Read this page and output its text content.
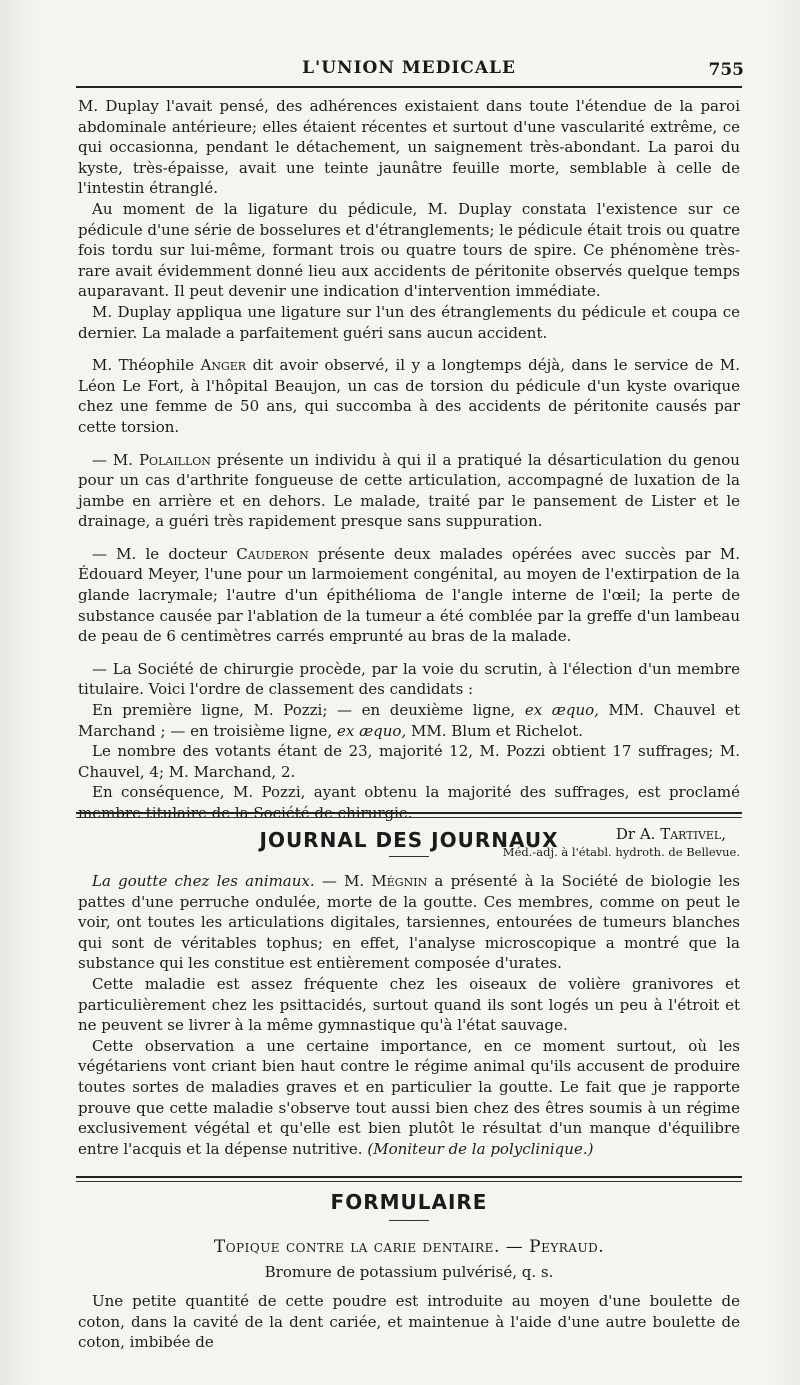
L'UNION MEDICALE	755

M. Duplay l'avait pensé, des adhérences existaient dans toute l'étendue de la paroi abdominale antérieure; elles étaient récentes et surtout d'une vascularité extrême, ce qui occasionna, pendant le détachement, un saignement très-abondant. La paroi du kyste, très-épaisse, avait une teinte jaunâtre feuille morte, semblable à celle de l'intestin étranglé.

Au moment de la ligature du pédicule, M. Duplay constata l'existence sur ce pédicule d'une série de bosselures et d'étranglements; le pédicule était trois ou quatre fois tordu sur lui-même, formant trois ou quatre tours de spire. Ce phénomène très-rare avait évidemment donné lieu aux accidents de péritonite observés quelque temps auparavant. Il peut devenir une indication d'intervention immédiate.

M. Duplay appliqua une ligature sur l'un des étranglements du pédicule et coupa ce dernier. La malade a parfaitement guéri sans aucun accident.

M. Théophile Anger dit avoir observé, il y a longtemps déjà, dans le service de M. Léon Le Fort, à l'hôpital Beaujon, un cas de torsion du pédicule d'un kyste ovarique chez une femme de 50 ans, qui succomba à des accidents de péritonite causés par cette torsion.

— M. Polaillon présente un individu à qui il a pratiqué la désarticulation du genou pour un cas d'arthrite fongueuse de cette articulation, accompagné de luxation de la jambe en arrière et en dehors. Le malade, traité par le pansement de Lister et le drainage, a guéri très rapidement presque sans suppuration.

— M. le docteur Cauderon présente deux malades opérées avec succès par M. Édouard Meyer, l'une pour un larmoiement congénital, au moyen de l'extirpation de la glande lacrymale; l'autre d'un épithélioma de l'angle interne de l'œil; la perte de substance causée par l'ablation de la tumeur a été comblée par la greffe d'un lambeau de peau de 6 centimètres carrés emprunté au bras de la malade.

— La Société de chirurgie procède, par la voie du scrutin, à l'élection d'un membre titulaire. Voici l'ordre de classement des candidats :

En première ligne, M. Pozzi; — en deuxième ligne, ex æquo, MM. Chauvel et Marchand ; — en troisième ligne, ex æquo, MM. Blum et Richelot.

Le nombre des votants étant de 23, majorité 12, M. Pozzi obtient 17 suffrages; M. Chauvel, 4; M. Marchand, 2.

En conséquence, M. Pozzi, ayant obtenu la majorité des suffrages, est proclamé membre titulaire de la Société de chirurgie.

Dr A. Tartivel,
Méd.-adj. à l'établ. hydroth. de Bellevue.
JOURNAL DES JOURNAUX

La goutte chez les animaux. — M. Mégnin a présenté à la Société de biologie les pattes d'une perruche ondulée, morte de la goutte. Ces membres, comme on peut le voir, ont toutes les articulations digitales, tarsiennes, entourées de tumeurs blanches qui sont de véritables tophus; en effet, l'analyse microscopique a montré que la substance qui les constitue est entièrement composée d'urates.

Cette maladie est assez fréquente chez les oiseaux de volière granivores et particulièrement chez les psittacidés, surtout quand ils sont logés un peu à l'étroit et ne peuvent se livrer à la même gymnastique qu'à l'état sauvage.

Cette observation a une certaine importance, en ce moment surtout, où les végétariens vont criant bien haut contre le régime animal qu'ils accusent de produire toutes sortes de maladies graves et en particulier la goutte. Le fait que je rapporte prouve que cette maladie s'observe tout aussi bien chez des êtres soumis à un régime exclusivement végétal et qu'elle est bien plutôt le résultat d'un manque d'équilibre entre l'acquis et la dépense nutritive. (Moniteur de la polyclinique.)

FORMULAIRE
Topique contre la carie dentaire. — Peyraud.
Bromure de potassium pulvérisé, q. s.

Une petite quantité de cette poudre est introduite au moyen d'une boulette de coton, dans la cavité de la dent cariée, et maintenue à l'aide d'une autre boulette de coton, imbibée de
